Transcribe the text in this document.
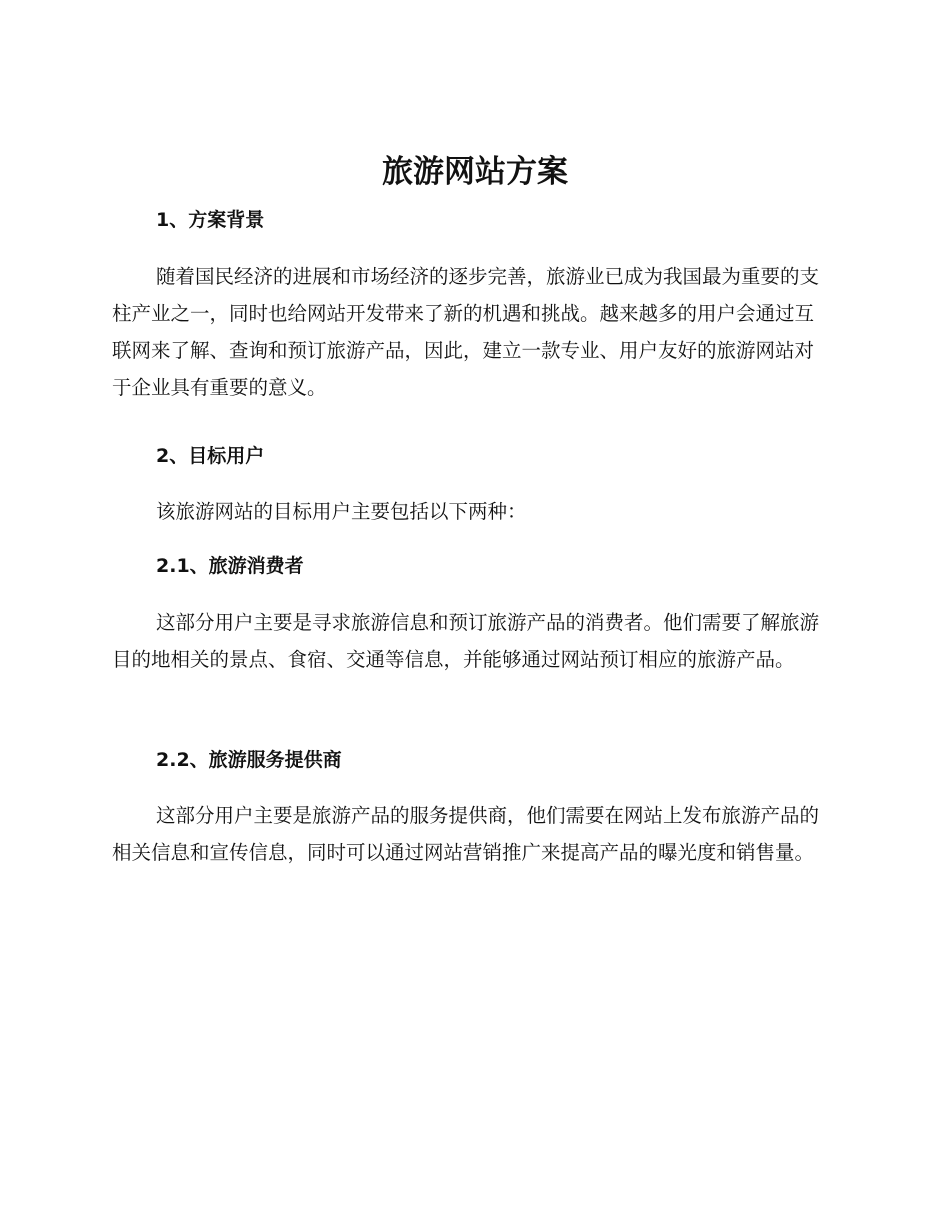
旅游网站方案
1、方案背景

随着国民经济的进展和市场经济的逐步完善，旅游业已成为我国最为重要的支柱产业之一，同时也给网站开发带来了新的机遇和挑战。越来越多的用户会通过互联网来了解、查询和预订旅游产品，因此，建立一款专业、用户友好的旅游网站对于企业具有重要的意义。

2、目标用户

该旅游网站的目标用户主要包括以下两种：

2.1、旅游消费者

这部分用户主要是寻求旅游信息和预订旅游产品的消费者。他们需要了解旅游目的地相关的景点、食宿、交通等信息，并能够通过网站预订相应的旅游产品。

2.2、旅游服务提供商

这部分用户主要是旅游产品的服务提供商，他们需要在网站上发布旅游产品的相关信息和宣传信息，同时可以通过网站营销推广来提高产品的曝光度和销售量。
